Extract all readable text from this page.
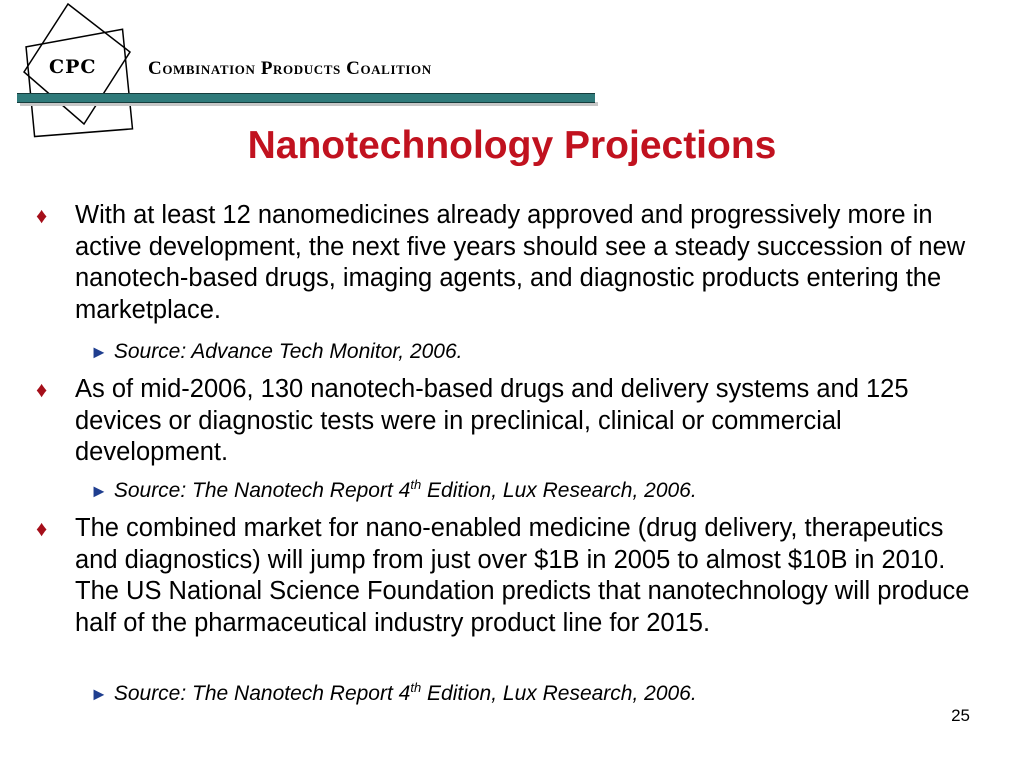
CPC	Combination Products Coalition
Nanotechnology Projections
♦ With at least 12 nanomedicines already approved and progressively more in active development, the next five years should see a steady succession of new nanotech-based drugs, imaging agents, and diagnostic products entering the marketplace.
► Source: Advance Tech Monitor, 2006.
♦ As of mid-2006, 130 nanotech-based drugs and delivery systems and 125 devices or diagnostic tests were in preclinical, clinical or commercial development.
► Source: The Nanotech Report 4th Edition, Lux Research, 2006.
♦ The combined market for nano-enabled medicine (drug delivery, therapeutics and diagnostics) will jump from just over $1B in 2005 to almost $10B in 2010. The US National Science Foundation predicts that nanotechnology will produce half of the pharmaceutical industry product line for 2015.
► Source: The Nanotech Report 4th Edition, Lux Research, 2006.
25
